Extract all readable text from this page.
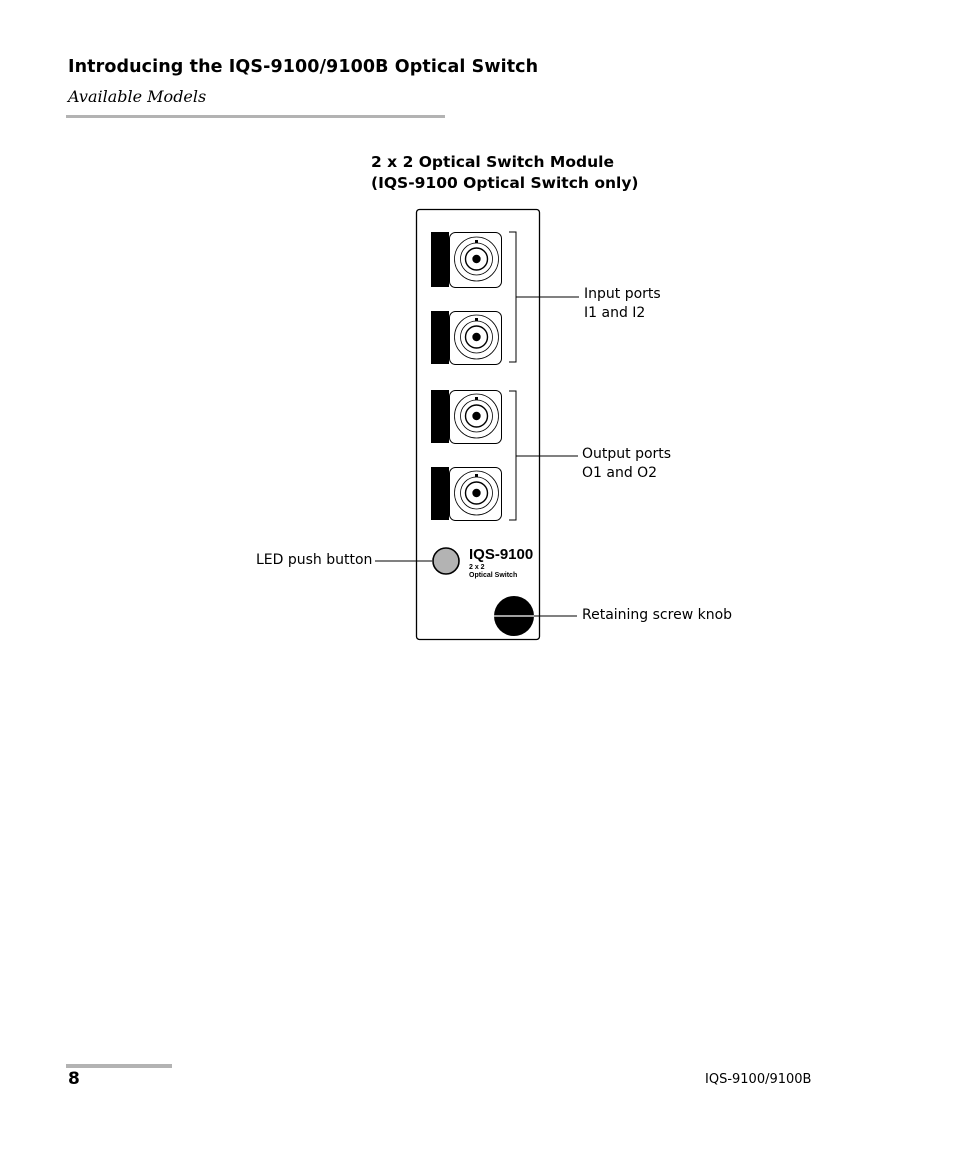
Introducing the IQS-9100/9100B Optical Switch
Available Models
2 x 2 Optical Switch Module
(IQS-9100 Optical Switch only)
IQS-9100
2 x 2
Optical Switch
Input ports
I1 and I2
Output ports
O1 and O2
LED push button
Retaining screw knob
8	IQS-9100/9100B
